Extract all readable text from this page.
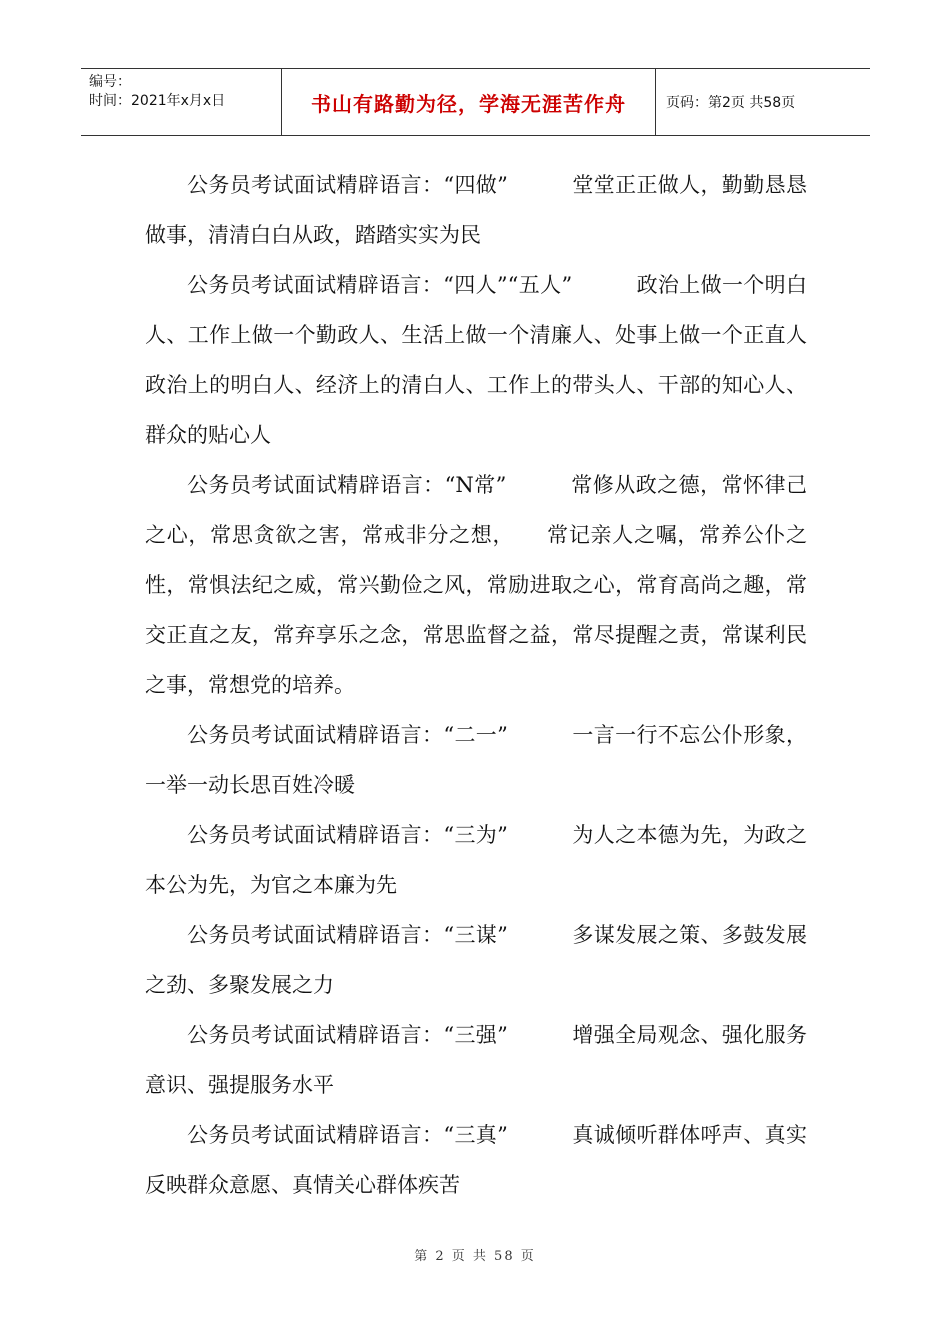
编号：
时间：2021年x月x日	书山有路勤为径，学海无涯苦作舟	页码：第2页 共58页

公务员考试面试精辟语言：“四做”　　　堂堂正正做人，勤勤恳恳做事，清清白白从政，踏踏实实为民

公务员考试面试精辟语言：“四人”“五人”　　　政治上做一个明白人、工作上做一个勤政人、生活上做一个清廉人、处事上做一个正直人　　政治上的明白人、经济上的清白人、工作上的带头人、干部的知心人、群众的贴心人

公务员考试面试精辟语言：“N常”　　　常修从政之德，常怀律己之心，常思贪欲之害，常戒非分之想，　　常记亲人之嘱，常养公仆之性，常惧法纪之威，常兴勤俭之风，常励进取之心，常育高尚之趣，常交正直之友，常弃享乐之念，常思监督之益，常尽提醒之责，常谋利民之事，常想党的培养。

公务员考试面试精辟语言：“二一”　　　一言一行不忘公仆形象，一举一动长思百姓冷暖

公务员考试面试精辟语言：“三为”　　　为人之本德为先，为政之本公为先，为官之本廉为先

公务员考试面试精辟语言：“三谋”　　　多谋发展之策、多鼓发展之劲、多聚发展之力

公务员考试面试精辟语言：“三强”　　　增强全局观念、强化服务意识、强提服务水平

公务员考试面试精辟语言：“三真”　　　真诚倾听群体呼声、真实反映群众意愿、真情关心群体疾苦

第 2 页 共 58 页
